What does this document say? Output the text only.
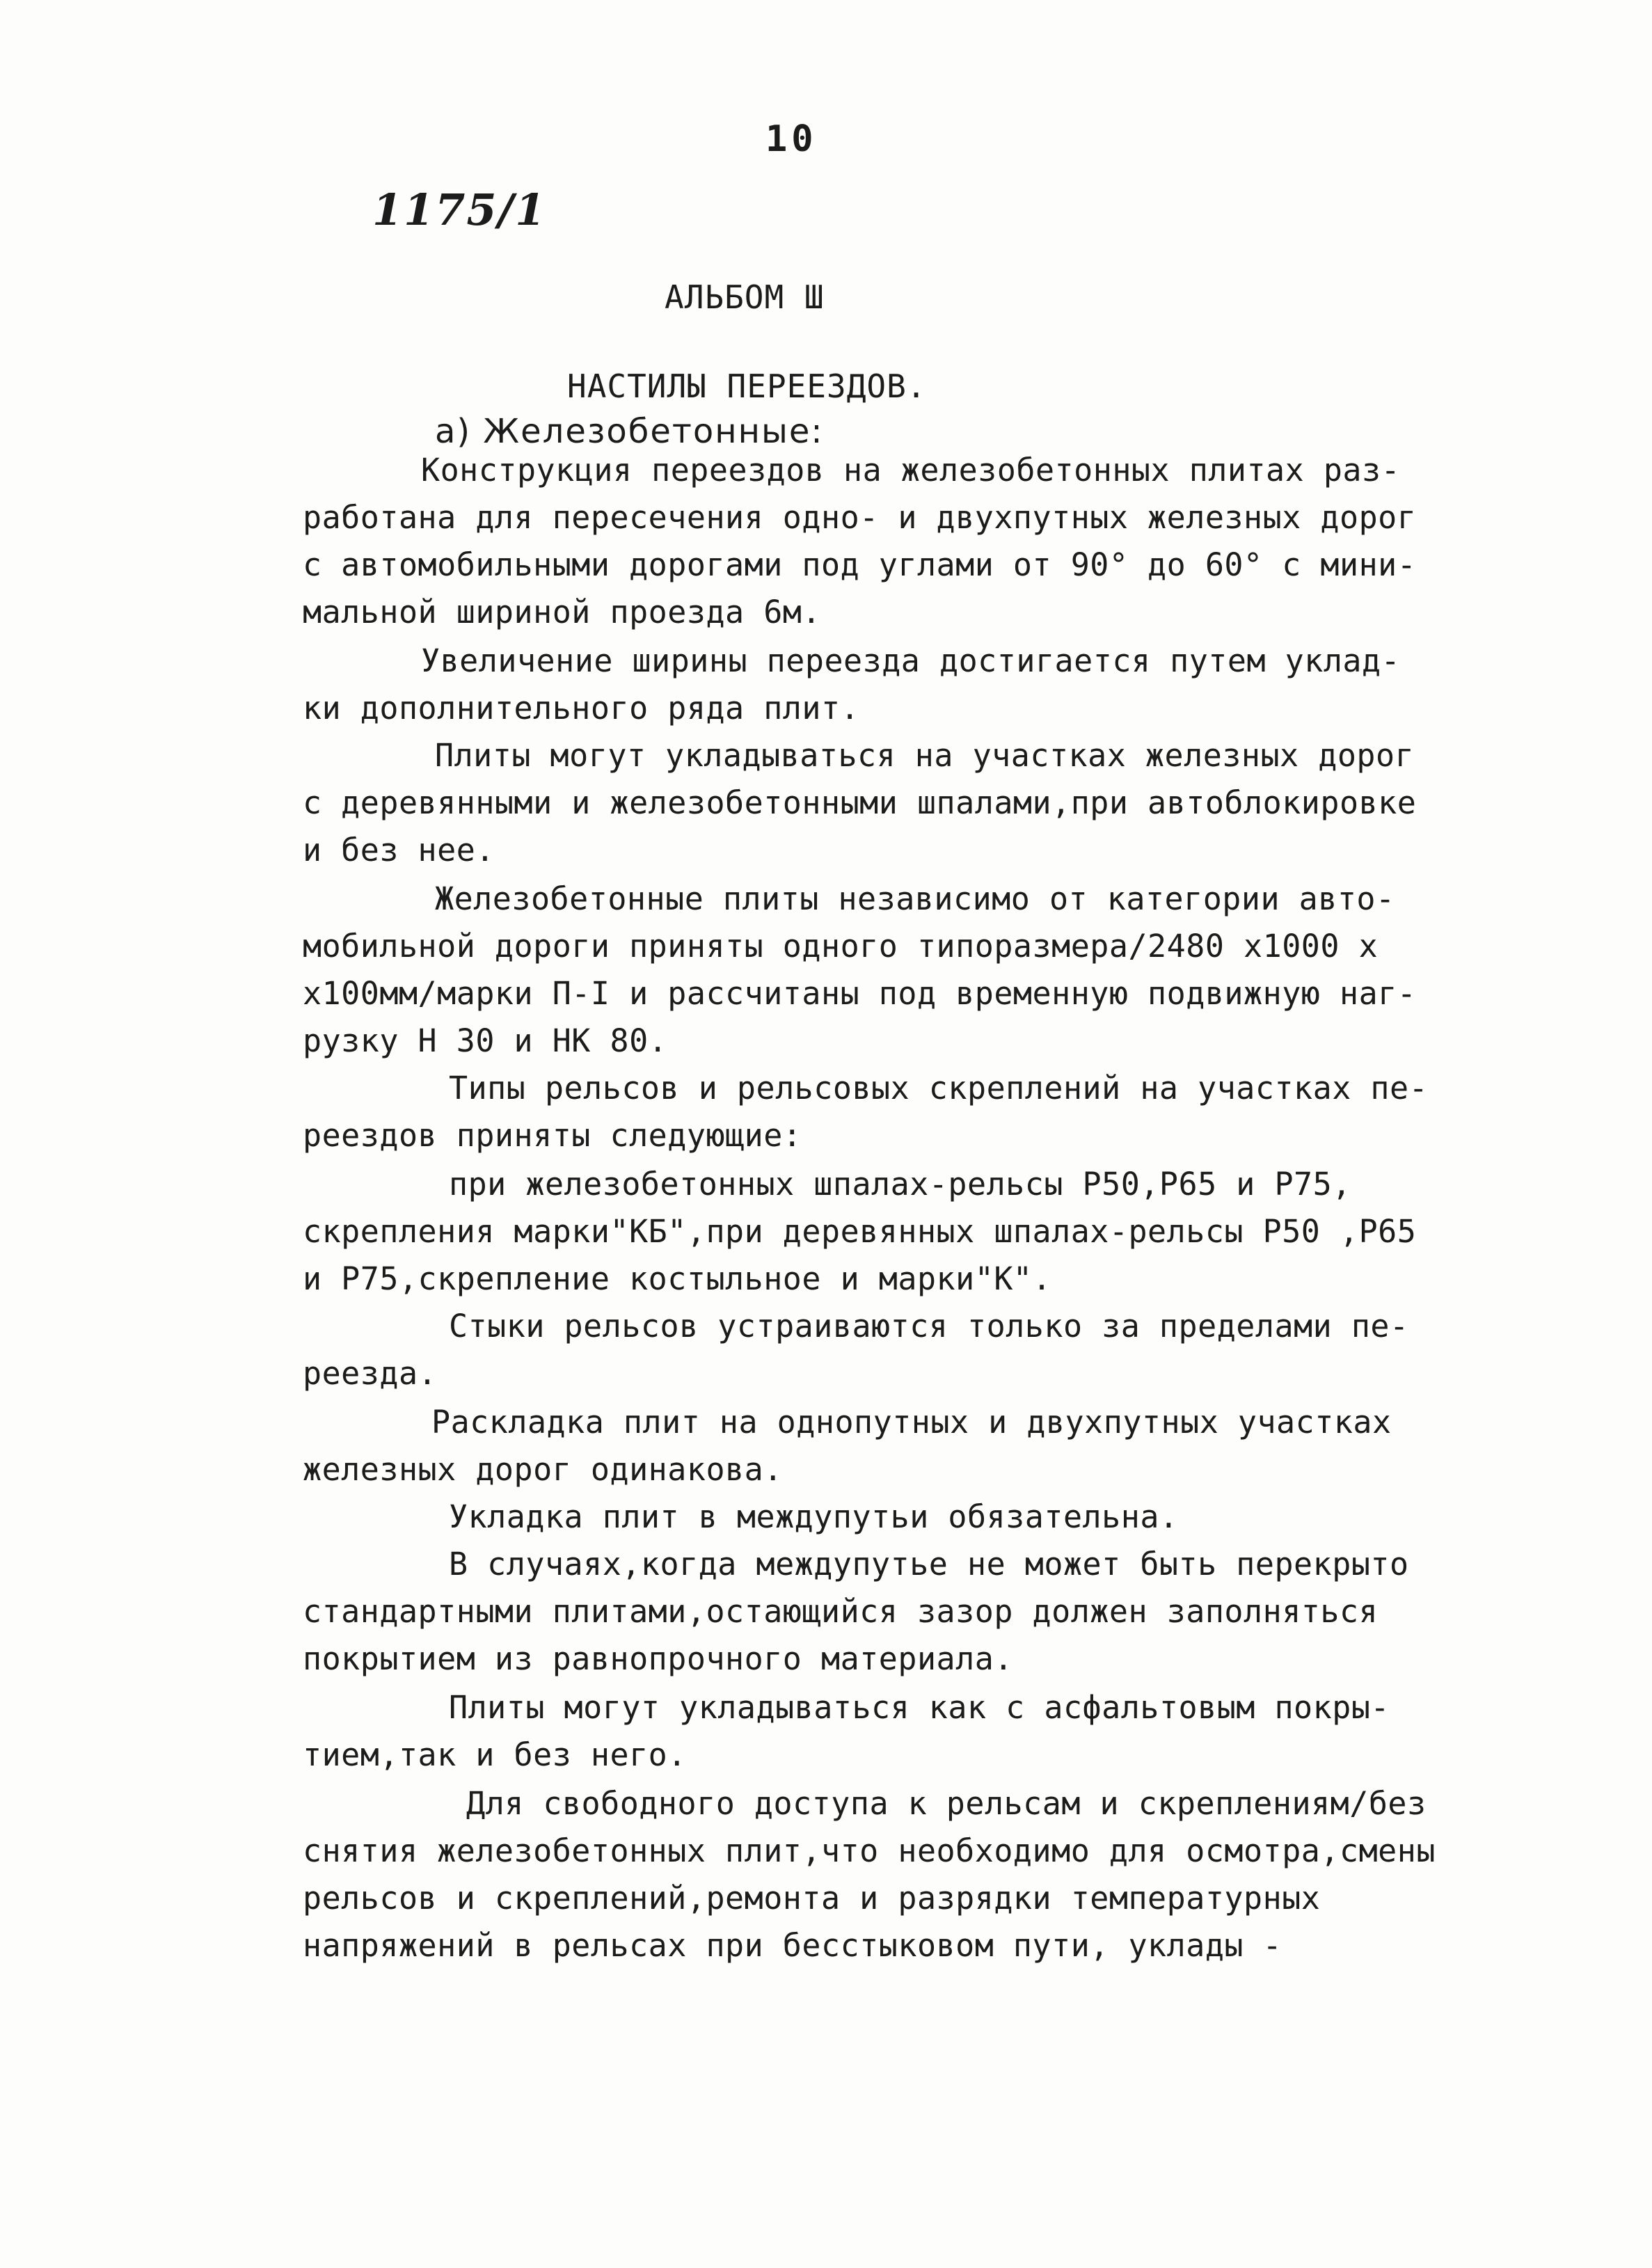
10
1175/1
АЛЬБОМ Ш
НАСТИЛЫ ПЕРЕЕЗДОВ.
а) Железобетонные:
Конструкция переездов на железобетонных плитах раз-
работана для пересечения одно- и двухпутных железных дорог
с автомобильными дорогами под углами от 90° до 60° с мини-
мальной шириной проезда 6м.
Увеличение ширины переезда достигается путем уклад-
ки дополнительного ряда плит.
Плиты могут укладываться на участках железных дорог
с деревянными и железобетонными шпалами,при автоблокировке
и без нее.
Железобетонные плиты независимо от категории авто-
мобильной дороги приняты одного типоразмера/2480 х1000 х
х100мм/марки П-I и рассчитаны под временную подвижную наг-
рузку Н 30 и НК 80.
Типы рельсов и рельсовых скреплений на участках пе-
реездов приняты следующие:
при железобетонных шпалах-рельсы Р50,Р65 и Р75,
скрепления марки"КБ",при деревянных шпалах-рельсы Р50 ,Р65
и Р75,скрепление костыльное и марки"К".
Стыки рельсов устраиваются только за пределами пе-
реезда.
Раскладка плит на однопутных и двухпутных участках
железных дорог одинакова.
Укладка плит в междупутьи обязательна.
В случаях,когда междупутье не может быть перекрыто
стандартными плитами,остающийся зазор должен заполняться
покрытием из равнопрочного материала.
Плиты могут укладываться как с асфальтовым покры-
тием,так и без него.
Для свободного доступа к рельсам и скреплениям/без
снятия железобетонных плит,что необходимо для осмотра,смены
рельсов и скреплений,ремонта и разрядки температурных
напряжений в рельсах при бесстыковом пути, уклады -
